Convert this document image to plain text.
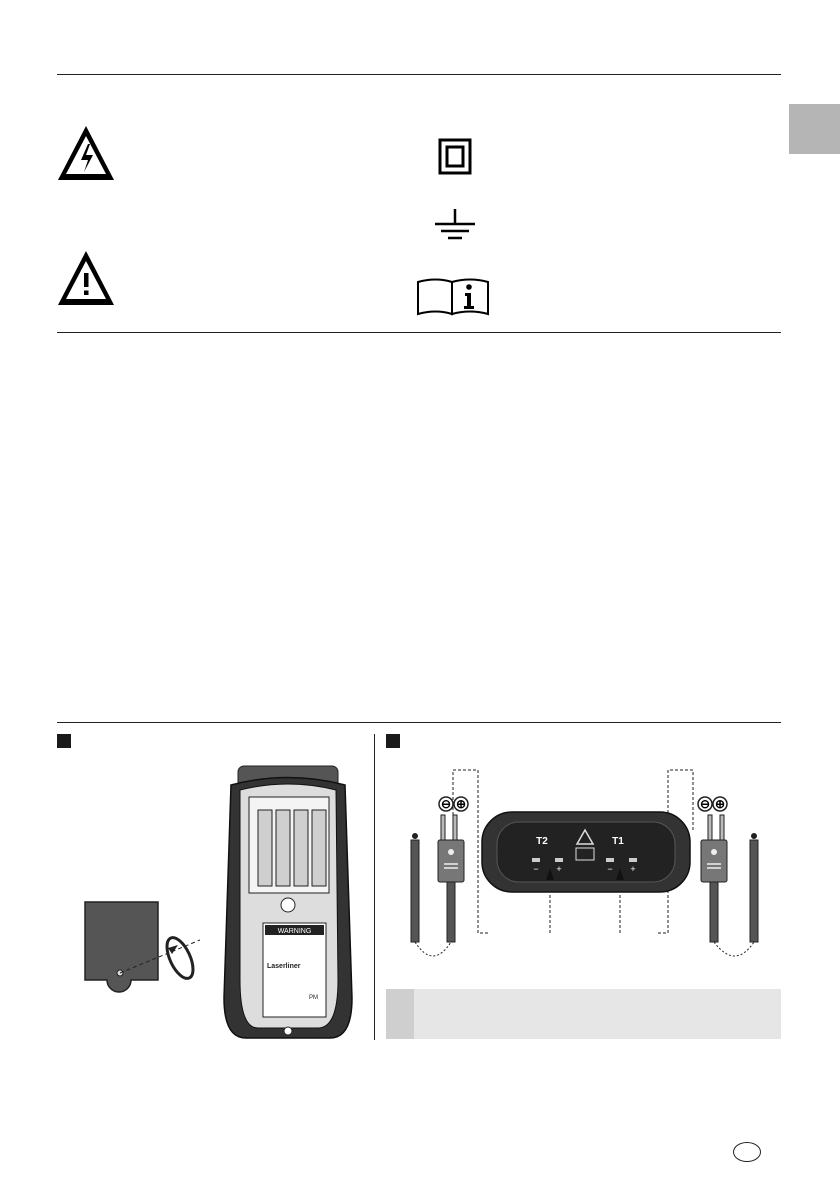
WARNING
Laserliner
PM
⊖ ⊕	⊖ ⊕
T2	T1
− +	− +
